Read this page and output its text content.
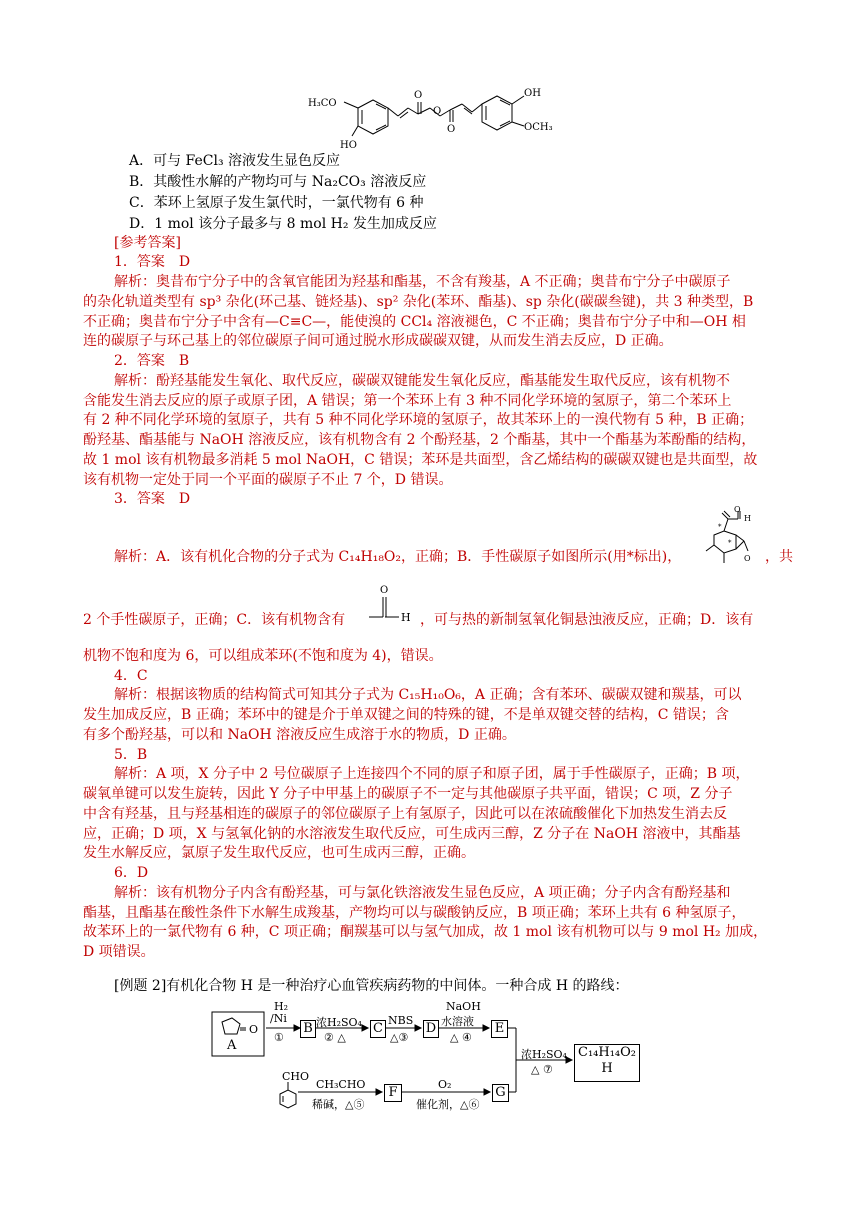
H₃CO
HO
O
O
O
OH
OCH₃
A．可与 FeCl₃ 溶液发生显色反应
B．其酸性水解的产物均可与 Na₂CO₃ 溶液反应
C．苯环上氢原子发生氯代时，一氯代物有 6 种
D．1 mol 该分子最多与 8 mol H₂ 发生加成反应
[参考答案]
1．答案　D
解析：奥昔布宁分子中的含氧官能团为羟基和酯基，不含有羧基，A 不正确；奥昔布宁分子中碳原子
的杂化轨道类型有 sp³ 杂化(环己基、链烃基)、sp² 杂化(苯环、酯基)、sp 杂化(碳碳叁键)，共 3 种类型，B
不正确；奥昔布宁分子中含有—C≡C—，能使溴的 CCl₄ 溶液褪色，C 不正确；奥昔布宁分子中和—OH 相
连的碳原子与环己基上的邻位碳原子间可通过脱水形成碳碳双键，从而发生消去反应，D 正确。
2．答案　B
解析：酚羟基能发生氧化、取代反应，碳碳双键能发生氧化反应，酯基能发生取代反应，该有机物不
含能发生消去反应的原子或原子团，A 错误；第一个苯环上有 3 种不同化学环境的氢原子，第二个苯环上
有 2 种不同化学环境的氢原子，共有 5 种不同化学环境的氢原子，故其苯环上的一溴代物有 5 种，B 正确；
酚羟基、酯基能与 NaOH 溶液反应，该有机物含有 2 个酚羟基，2 个酯基，其中一个酯基为苯酚酯的结构，
故 1 mol 该有机物最多消耗 5 mol NaOH，C 错误；苯环是共面型，含乙烯结构的碳碳双键也是共面型，故
该有机物一定处于同一个平面的碳原子不止 7 个，D 错误。
3．答案　D
解析：A．该有机化合物的分子式为 C₁₄H₁₈O₂，正确；B．手性碳原子如图所示(用*标出)，
*
*
O
H
O ，共
2 个手性碳原子，正确；C．该有机物含有
O
H ，可与热的新制氢氧化铜悬浊液反应，正确；D．该有
机物不饱和度为 6，可以组成苯环(不饱和度为 4)，错误。
4．C
解析：根据该物质的结构简式可知其分子式为 C₁₅H₁₀O₆，A 正确；含有苯环、碳碳双键和羰基，可以
发生加成反应，B 正确；苯环中的键是介于单双键之间的特殊的键，不是单双键交替的结构，C 错误；含
有多个酚羟基，可以和 NaOH 溶液反应生成溶于水的物质，D 正确。
5．B
解析：A 项，X 分子中 2 号位碳原子上连接四个不同的原子和原子团，属于手性碳原子，正确；B 项，
碳氧单键可以发生旋转，因此 Y 分子中甲基上的碳原子不一定与其他碳原子共平面，错误；C 项，Z 分子
中含有羟基，且与羟基相连的碳原子的邻位碳原子上有氢原子，因此可以在浓硫酸催化下加热发生消去反
应，正确；D 项，X 与氢氧化钠的水溶液发生取代反应，可生成丙三醇，Z 分子在 NaOH 溶液中，其酯基
发生水解反应，氯原子发生取代反应，也可生成丙三醇，正确。
6．D
解析：该有机物分子内含有酚羟基，可与氯化铁溶液发生显色反应，A 项正确；分子内含有酚羟基和
酯基，且酯基在酸性条件下水解生成羧基，产物均可以与碳酸钠反应，B 项正确；苯环上共有 6 种氢原子，
故苯环上的一氯代物有 6 种，C 项正确；酮羰基可以与氢气加成，故 1 mol 该有机物可以与 9 mol H₂ 加成，
D 项错误。
[例题 2]有机化合物 H 是一种治疗心血管疾病药物的中间体。一种合成 H 的路线：
O
A
B	C	D	E
F	G
C₁₄H₁₄O₂
H
H₂
/Ni
①
浓H₂SO₄
② △
NBS
△③
NaOH
水溶液
△ ④
浓H₂SO₄
△ ⑦
CHO
CH₃CHO
稀碱，△⑤
O₂
催化剂，△⑥
